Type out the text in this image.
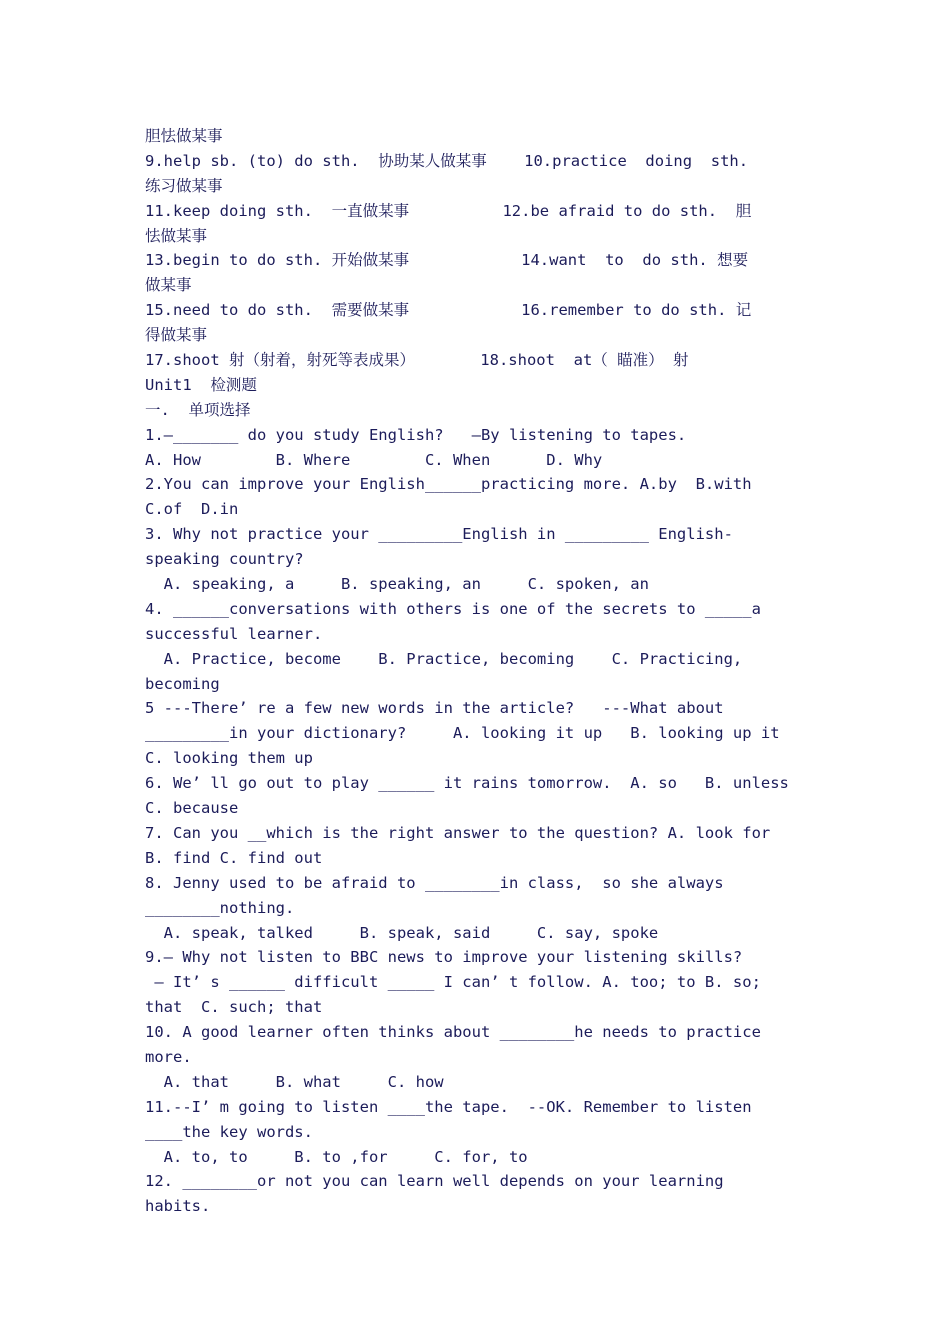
胆怯做某事
9.help sb. (to) do sth.  协助某人做某事    10.practice  doing  sth.
练习做某事
11.keep doing sth.  一直做某事          12.be afraid to do sth.  胆
怯做某事
13.begin to do sth. 开始做某事            14.want  to  do sth. 想要
做某事
15.need to do sth.  需要做某事            16.remember to do sth. 记
得做某事
17.shoot 射（射着，射死等表成果）       18.shoot  at（ 瞄准） 射
Unit1  检测题
一.  单项选择
1.—_______ do you study English?   —By listening to tapes.
A. How        B. Where        C. When      D. Why
2.You can improve your English______practicing more. A.by  B.with
C.of  D.in
3. Why not practice your _________English in _________ English-
speaking country?
A. speaking, a     B. speaking, an     C. spoken, an
4. ______conversations with others is one of the secrets to _____a
successful learner.
A. Practice, become    B. Practice, becoming    C. Practicing,
becoming
5 ---There’ re a few new words in the article?   ---What about
_________in your dictionary?     A. looking it up   B. looking up it
C. looking them up
6. We’ ll go out to play ______ it rains tomorrow.  A. so   B. unless
C. because
7. Can you __which is the right answer to the question? A. look for
B. find C. find out
8. Jenny used to be afraid to ________in class,  so she always
________nothing.
A. speak, talked     B. speak, said     C. say, spoke
9.— Why not listen to BBC news to improve your listening skills?
— It’ s ______ difficult _____ I can’ t follow. A. too; to B. so;
that  C. such; that
10. A good learner often thinks about ________he needs to practice
more.
A. that     B. what     C. how
11.--I’ m going to listen ____the tape.  --OK. Remember to listen
____the key words.
A. to, to     B. to ,for     C. for, to
12. ________or not you can learn well depends on your learning
habits.
